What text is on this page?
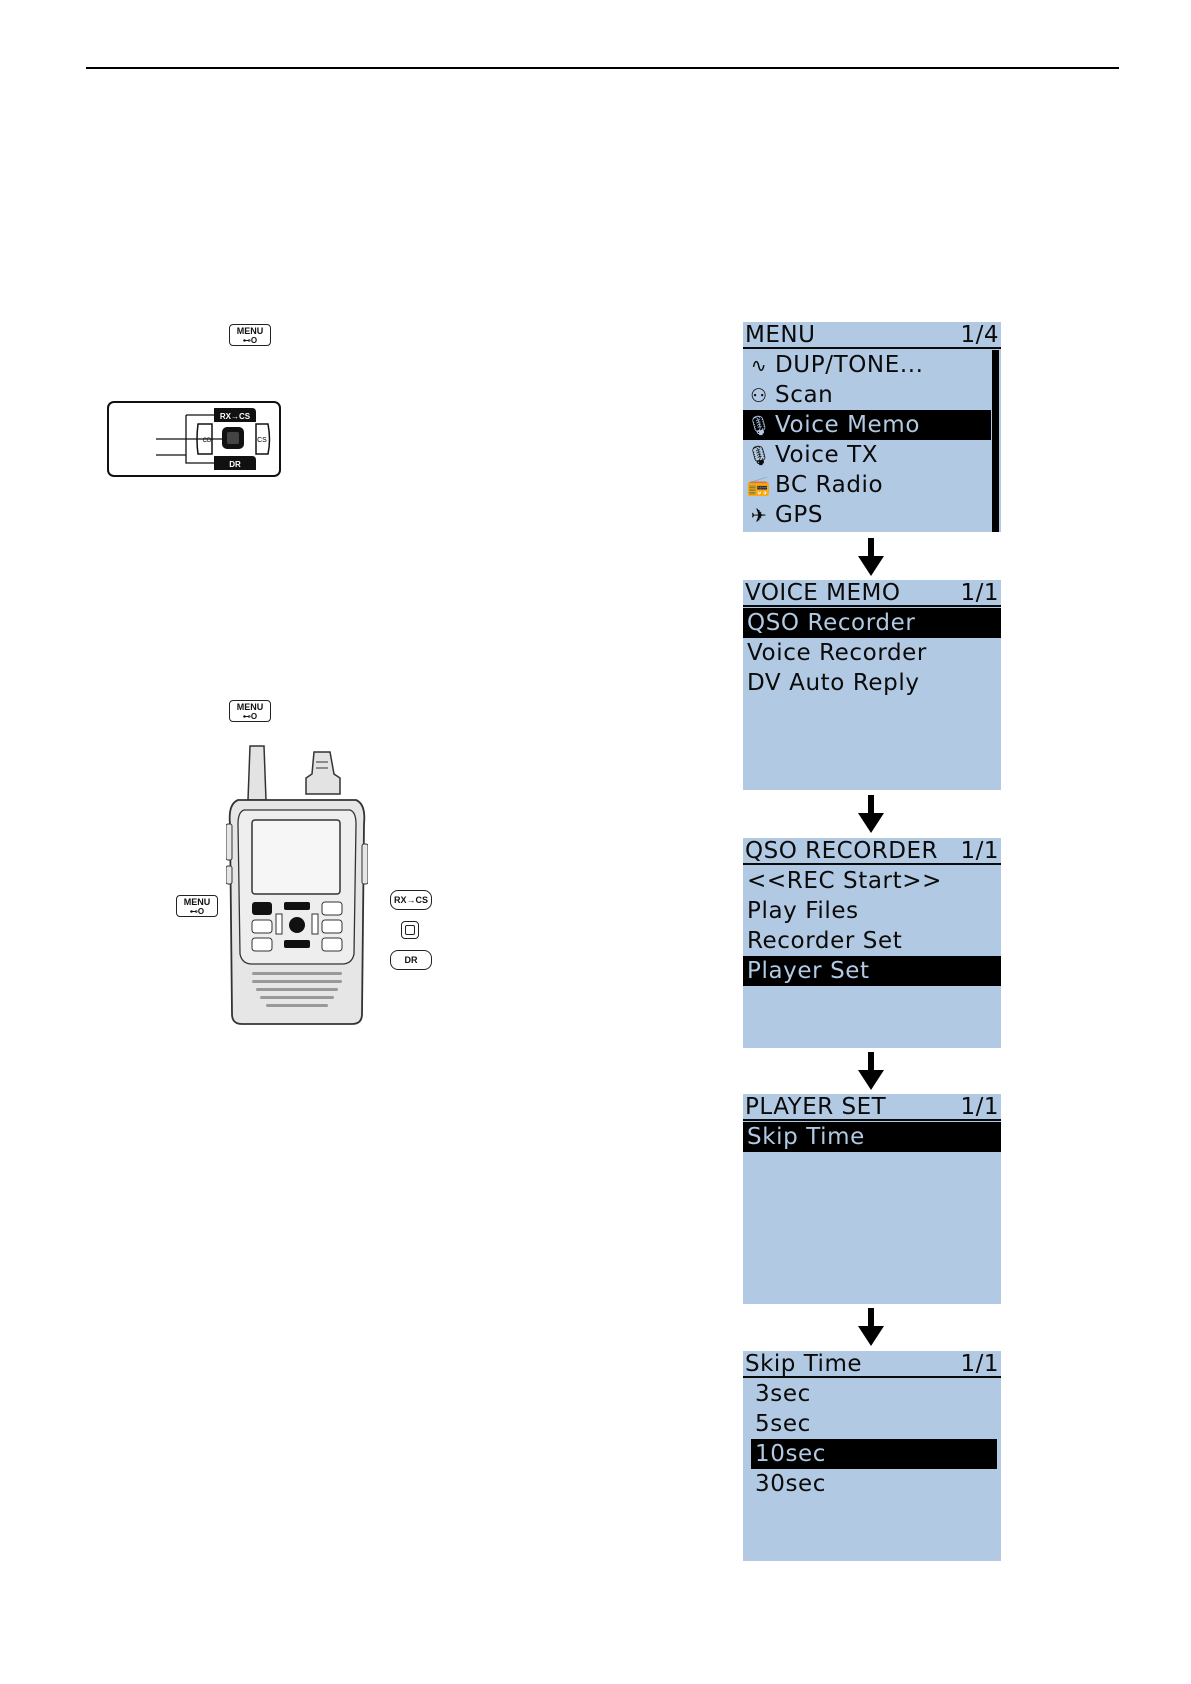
MENU
⊷O
RX→CS
DR
CD	CS
MENU
⊷O
MENU
⊷O
RX→CS
DR
MENU	1/4
∿ DUP/TONE...
⚇ Scan
🎙 Voice Memo
🎙 Voice TX
📻 BC Radio
✈ GPS
VOICE MEMO	1/1
QSO Recorder
Voice Recorder
DV Auto Reply
QSO RECORDER 1/1
<<REC Start>>
Play Files
Recorder Set
Player Set
PLAYER SET	1/1
Skip Time
Skip Time	1/1
3sec
5sec
10sec
30sec
